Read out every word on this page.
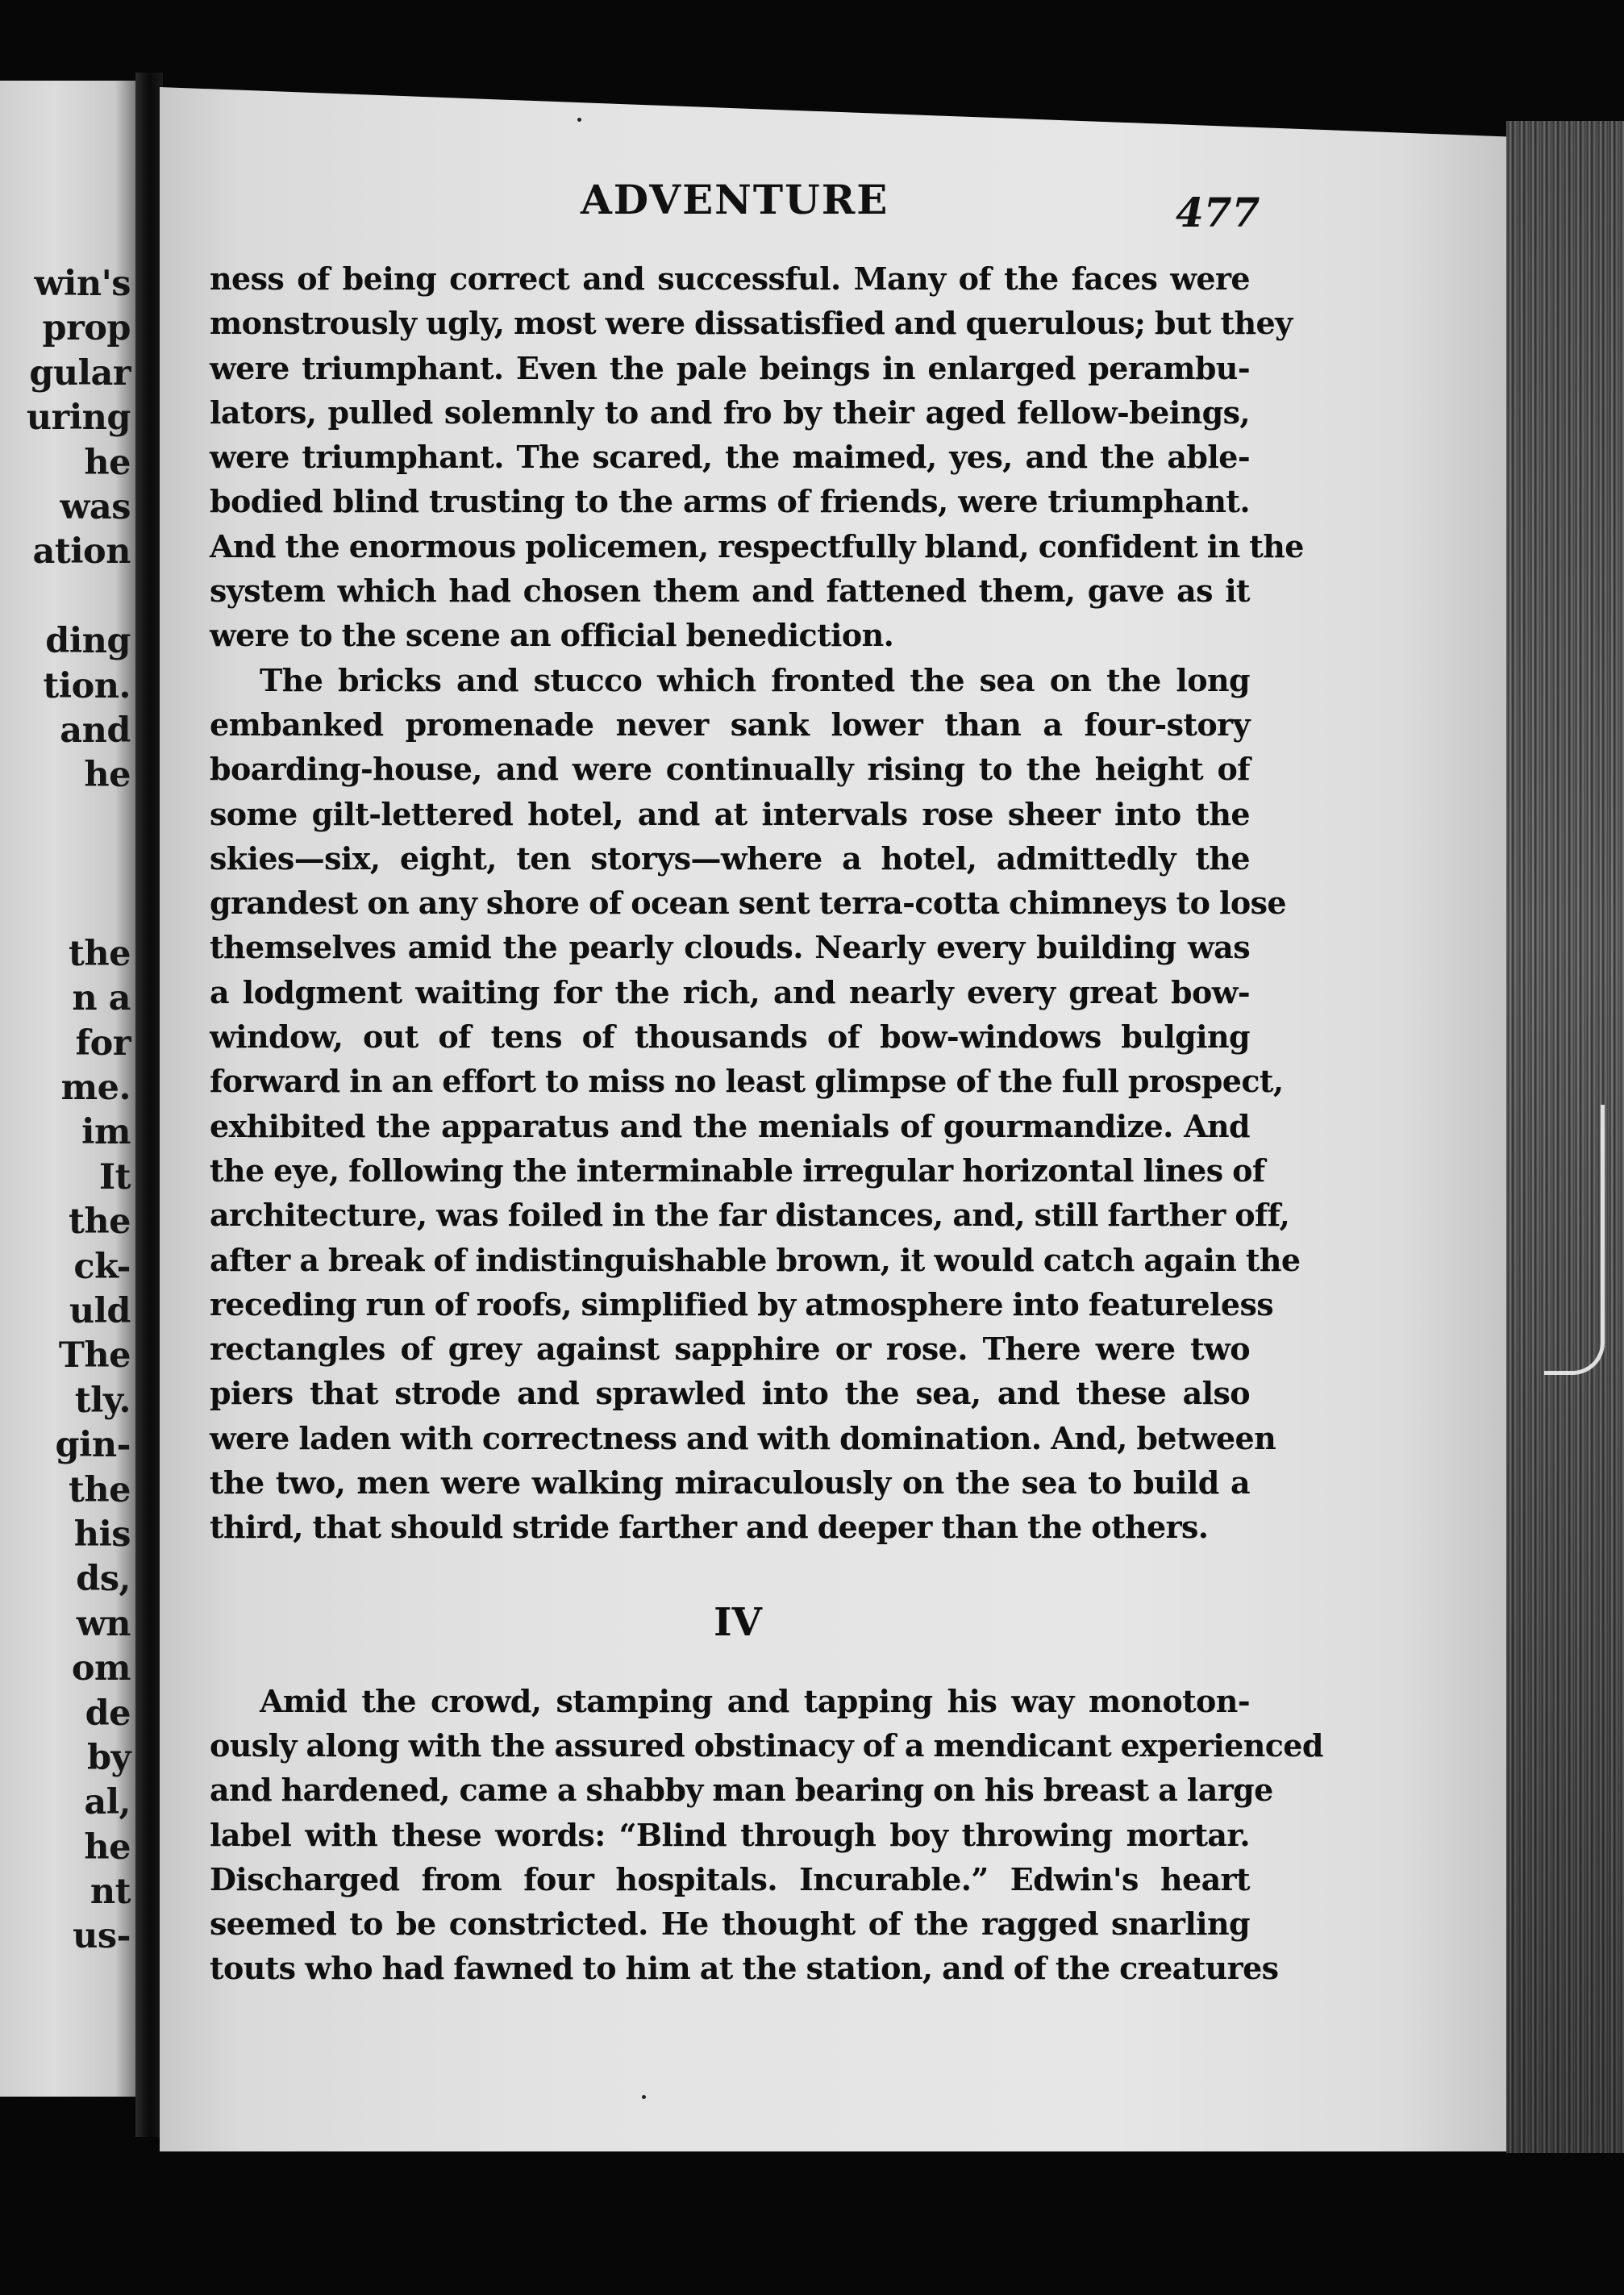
win's
prop
gular
uring
he
was
ation
ding
tion.
and
he
the
n a
for
me.
im
It
the
ck-
uld
The
tly.
gin-
the
his
ds,
wn
om
de
by
al,
he
nt
us-
ADVENTURE	477
ness of being correct and successful. Many of the faces were
monstrously ugly, most were dissatisfied and querulous; but they
were triumphant. Even the pale beings in enlarged perambu-
lators, pulled solemnly to and fro by their aged fellow-beings,
were triumphant. The scared, the maimed, yes, and the able-
bodied blind trusting to the arms of friends, were triumphant.
And the enormous policemen, respectfully bland, confident in the
system which had chosen them and fattened them, gave as it
were to the scene an official benediction.
The bricks and stucco which fronted the sea on the long
embanked promenade never sank lower than a four-story
boarding-house, and were continually rising to the height of
some gilt-lettered hotel, and at intervals rose sheer into the
skies—six, eight, ten storys—where a hotel, admittedly the
grandest on any shore of ocean sent terra-cotta chimneys to lose
themselves amid the pearly clouds. Nearly every building was
a lodgment waiting for the rich, and nearly every great bow-
window, out of tens of thousands of bow-windows bulging
forward in an effort to miss no least glimpse of the full prospect,
exhibited the apparatus and the menials of gourmandize. And
the eye, following the interminable irregular horizontal lines of
architecture, was foiled in the far distances, and, still farther off,
after a break of indistinguishable brown, it would catch again the
receding run of roofs, simplified by atmosphere into featureless
rectangles of grey against sapphire or rose. There were two
piers that strode and sprawled into the sea, and these also
were laden with correctness and with domination. And, between
the two, men were walking miraculously on the sea to build a
third, that should stride farther and deeper than the others.
IV
Amid the crowd, stamping and tapping his way monoton-
ously along with the assured obstinacy of a mendicant experienced
and hardened, came a shabby man bearing on his breast a large
label with these words: “Blind through boy throwing mortar.
Discharged from four hospitals. Incurable.” Edwin's heart
seemed to be constricted. He thought of the ragged snarling
touts who had fawned to him at the station, and of the creatures
